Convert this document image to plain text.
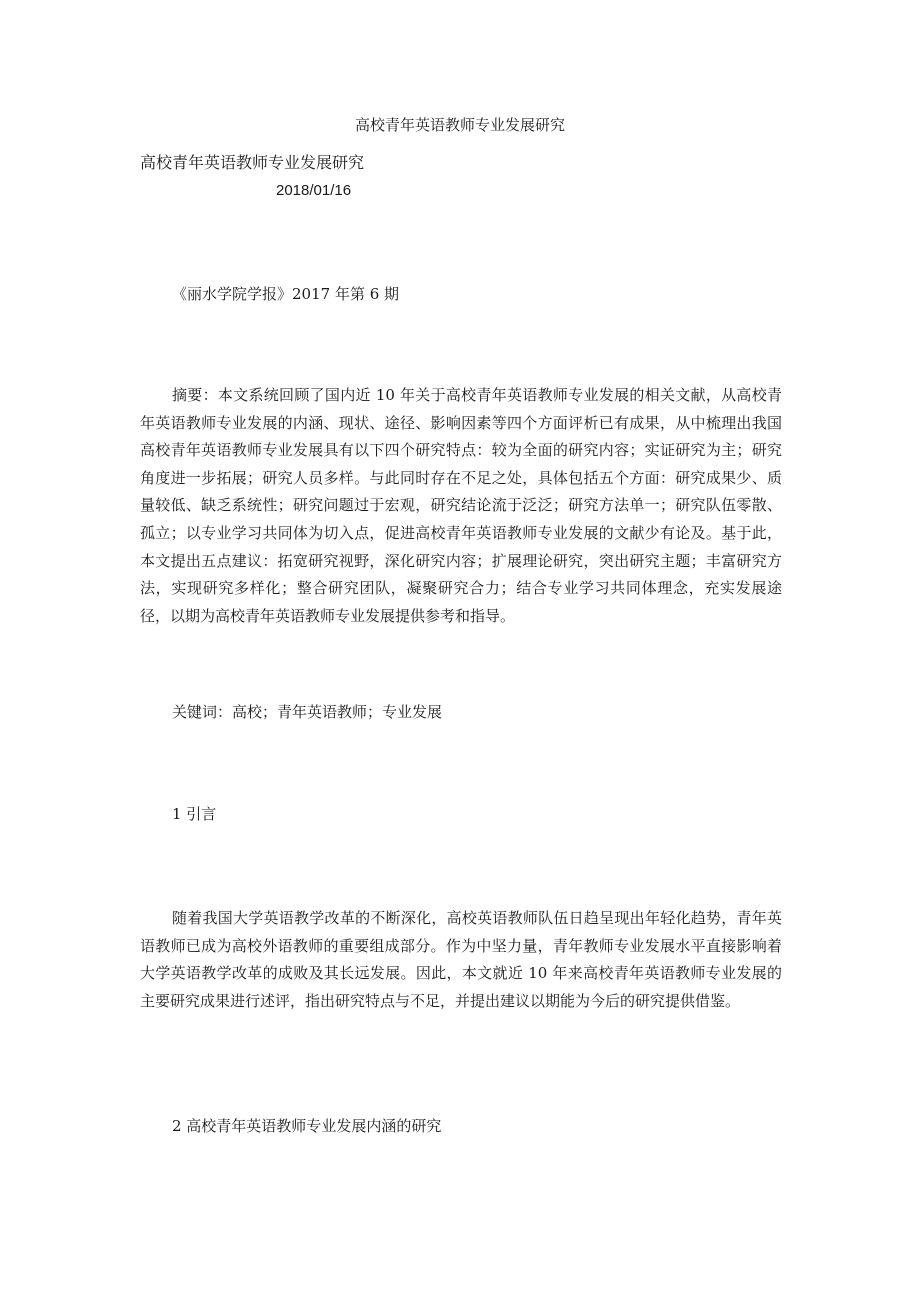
高校青年英语教师专业发展研究
高校青年英语教师专业发展研究
2018/01/16
《丽水学院学报》2017 年第 6 期

摘要：本文系统回顾了国内近 10 年关于高校青年英语教师专业发展的相关文献，从高校青年英语教师专业发展的内涵、现状、途径、影响因素等四个方面评析已有成果，从中梳理出我国高校青年英语教师专业发展具有以下四个研究特点：较为全面的研究内容；实证研究为主；研究角度进一步拓展；研究人员多样。与此同时存在不足之处，具体包括五个方面：研究成果少、质量较低、缺乏系统性；研究问题过于宏观，研究结论流于泛泛；研究方法单一；研究队伍零散、孤立；以专业学习共同体为切入点，促进高校青年英语教师专业发展的文献少有论及。基于此，本文提出五点建议：拓宽研究视野，深化研究内容；扩展理论研究，突出研究主题；丰富研究方法，实现研究多样化；整合研究团队，凝聚研究合力；结合专业学习共同体理念，充实发展途径，以期为高校青年英语教师专业发展提供参考和指导。

关键词：高校；青年英语教师；专业发展
1 引言

随着我国大学英语教学改革的不断深化，高校英语教师队伍日趋呈现出年轻化趋势，青年英语教师已成为高校外语教师的重要组成部分。作为中坚力量，青年教师专业发展水平直接影响着大学英语教学改革的成败及其长远发展。因此，本文就近 10 年来高校青年英语教师专业发展的主要研究成果进行述评，指出研究特点与不足，并提出建议以期能为今后的研究提供借鉴。

2 高校青年英语教师专业发展内涵的研究
